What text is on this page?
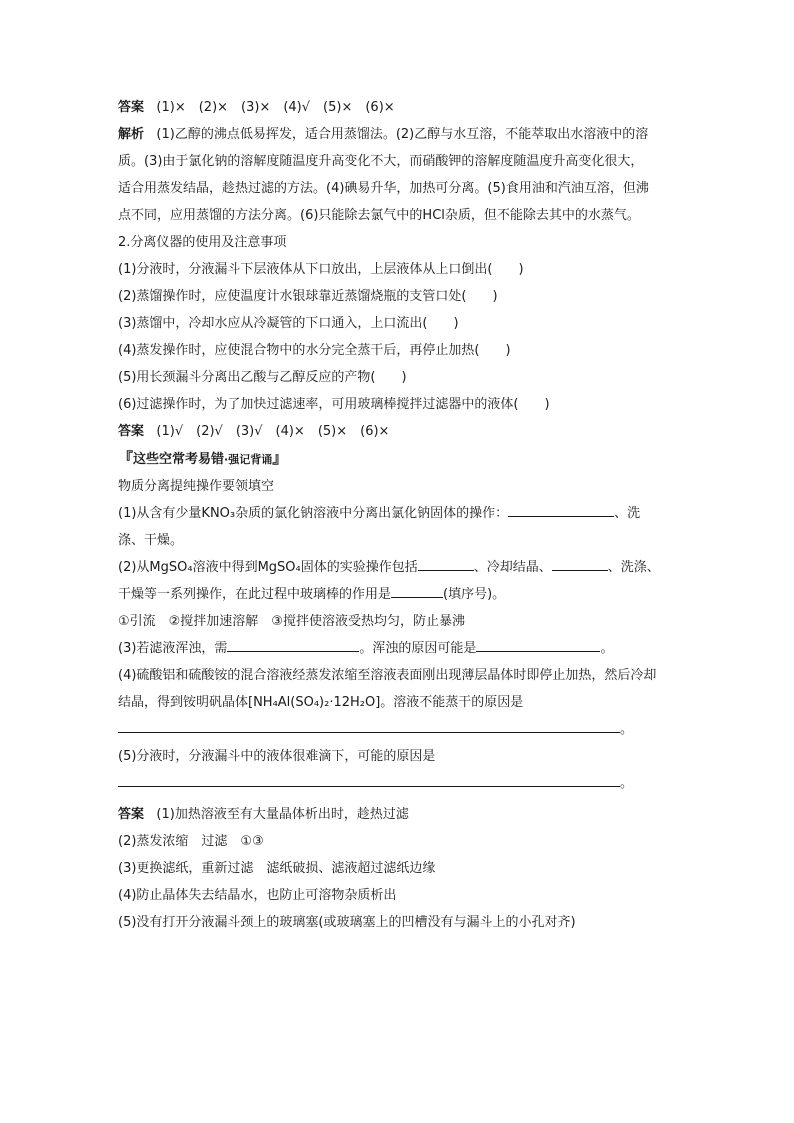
答案 (1)×　(2)×　(3)×　(4)√　(5)×　(6)×
解析 (1)乙醇的沸点低易挥发，适合用蒸馏法。(2)乙醇与水互溶，不能萃取出水溶液中的溶
质。(3)由于氯化钠的溶解度随温度升高变化不大，而硝酸钾的溶解度随温度升高变化很大，
适合用蒸发结晶，趁热过滤的方法。(4)碘易升华，加热可分离。(5)食用油和汽油互溶，但沸
点不同，应用蒸馏的方法分离。(6)只能除去氯气中的HCl杂质，但不能除去其中的水蒸气。
2.分离仪器的使用及注意事项
(1)分液时，分液漏斗下层液体从下口放出，上层液体从上口倒出(　　)
(2)蒸馏操作时，应使温度计水银球靠近蒸馏烧瓶的支管口处(　　)
(3)蒸馏中，冷却水应从冷凝管的下口通入，上口流出(　　)
(4)蒸发操作时，应使混合物中的水分完全蒸干后，再停止加热(　　)
(5)用长颈漏斗分离出乙酸与乙醇反应的产物(　　)
(6)过滤操作时，为了加快过滤速率，可用玻璃棒搅拌过滤器中的液体(　　)
答案 (1)√　(2)√　(3)√　(4)×　(5)×　(6)×
『这些空常考易错·强记背诵』
物质分离提纯操作要领填空
(1)从含有少量KNO₃杂质的氯化钠溶液中分离出氯化钠固体的操作：	、洗
涤、干燥。
(2)从MgSO₄溶液中得到MgSO₄固体的实验操作包括	、冷却结晶、	、洗涤、
干燥等一系列操作，在此过程中玻璃棒的作用是	(填序号)。
①引流　②搅拌加速溶解　③搅拌使溶液受热均匀，防止暴沸
(3)若滤液浑浊，需	。浑浊的原因可能是	。
(4)硫酸铝和硫酸铵的混合溶液经蒸发浓缩至溶液表面刚出现薄层晶体时即停止加热，然后冷却
结晶，得到铵明矾晶体[NH₄Al(SO₄)₂·12H₂O]。溶液不能蒸干的原因是
。
(5)分液时，分液漏斗中的液体很难滴下，可能的原因是
。
答案 (1)加热溶液至有大量晶体析出时，趁热过滤
(2)蒸发浓缩　过滤　①③
(3)更换滤纸，重新过滤　滤纸破损、滤液超过滤纸边缘
(4)防止晶体失去结晶水，也防止可溶物杂质析出
(5)没有打开分液漏斗颈上的玻璃塞(或玻璃塞上的凹槽没有与漏斗上的小孔对齐)
